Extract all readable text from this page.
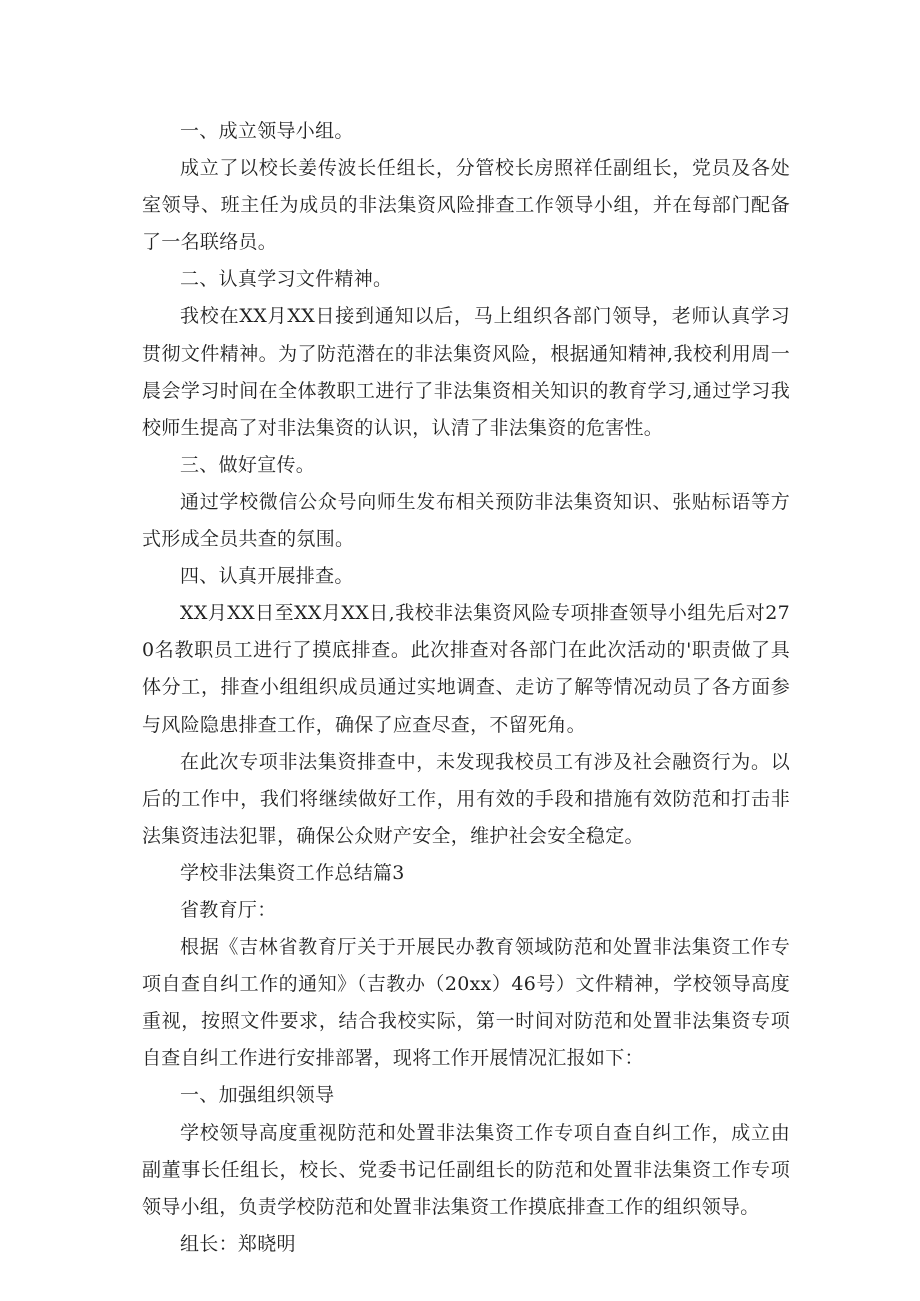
一、成立领导小组。

成立了以校长姜传波长任组长，分管校长房照祥任副组长，党员及各处室领导、班主任为成员的非法集资风险排查工作领导小组，并在每部门配备了一名联络员。

二、认真学习文件精神。

我校在XX月XX日接到通知以后，马上组织各部门领导，老师认真学习贯彻文件精神。为了防范潜在的非法集资风险，根据通知精神,我校利用周一晨会学习时间在全体教职工进行了非法集资相关知识的教育学习,通过学习我校师生提高了对非法集资的认识，认清了非法集资的危害性。

三、做好宣传。

通过学校微信公众号向师生发布相关预防非法集资知识、张贴标语等方式形成全员共查的氛围。

四、认真开展排查。

XX月XX日至XX月XX日,我校非法集资风险专项排查领导小组先后对270名教职员工进行了摸底排查。此次排查对各部门在此次活动的'职责做了具体分工，排查小组组织成员通过实地调查、走访了解等情况动员了各方面参与风险隐患排查工作，确保了应查尽查，不留死角。

在此次专项非法集资排查中，未发现我校员工有涉及社会融资行为。以后的工作中，我们将继续做好工作，用有效的手段和措施有效防范和打击非法集资违法犯罪，确保公众财产安全，维护社会安全稳定。

学校非法集资工作总结篇3

省教育厅：

根据《吉林省教育厅关于开展民办教育领域防范和处置非法集资工作专项自查自纠工作的通知》（吉教办（20xx）46号）文件精神，学校领导高度重视，按照文件要求，结合我校实际，第一时间对防范和处置非法集资专项自查自纠工作进行安排部署，现将工作开展情况汇报如下：

一、加强组织领导

学校领导高度重视防范和处置非法集资工作专项自查自纠工作，成立由副董事长任组长，校长、党委书记任副组长的防范和处置非法集资工作专项领导小组，负责学校防范和处置非法集资工作摸底排查工作的组织领导。

组长：郑晓明
